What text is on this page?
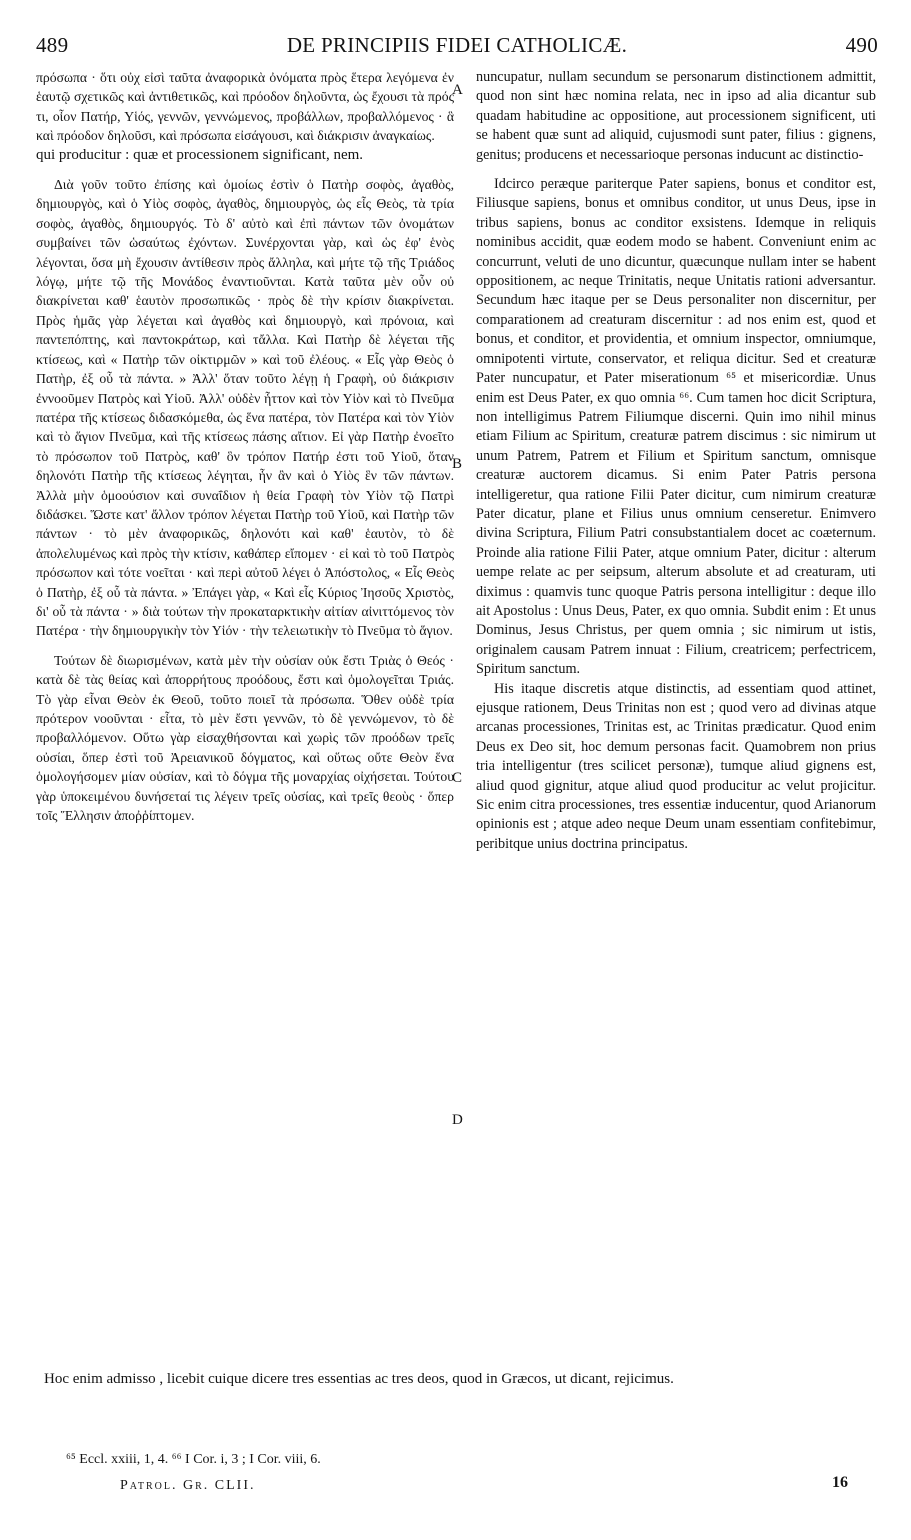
489	DE PRINCIPIIS FIDEI CATHOLICÆ.	490

πρόσωπα · ὅτι οὐχ εἰσὶ ταῦτα ἀναφορικὰ ὀνόματα πρὸς ἕτερα λεγόμενα ἐν ἑαυτῷ σχετικῶς καὶ ἀντιθετικῶς, καὶ πρόοδον δηλοῦντα, ὡς ἔχουσι τὰ πρός τι, οἷον Πατήρ, Υἱός, γεννῶν, γεννώμενος, προβάλλων, προβαλλόμενος · ἃ καὶ πρόοδον δηλοῦσι, καὶ πρόσωπα εἰσάγουσι, καὶ διάκρισιν ἀναγκαίως.

qui producitur : quæ et processionem significant, nem.

Διὰ γοῦν τοῦτο ἐπίσης καὶ ὁμοίως ἐστὶν ὁ Πατὴρ σοφὸς, ἀγαθὸς, δημιουργὸς, καὶ ὁ Υἱὸς σοφὸς, ἀγαθὸς, δημιουργὸς, ὡς εἷς Θεὸς, τὰ τρία σοφὸς, ἀγαθὸς, δημιουργός. Τὸ δ' αὐτὸ καὶ ἐπὶ πάντων τῶν ὀνομάτων συμβαίνει τῶν ὡσαύτως ἐχόντων. Συνέρχονται γὰρ, καὶ ὡς ἐφ' ἑνὸς λέγονται, ὅσα μὴ ἔχουσιν ἀντίθεσιν πρὸς ἄλληλα, καὶ μήτε τῷ τῆς Τριάδος λόγῳ, μήτε τῷ τῆς Μονάδος ἐναντιοῦνται. Κατὰ ταῦτα μὲν οὖν οὐ διακρίνεται καθ' ἑαυτὸν προσωπικῶς · πρὸς δὲ τὴν κρίσιν διακρίνεται. Πρὸς ἡμᾶς γὰρ λέγεται καὶ ἀγαθὸς καὶ δημιουργὸ, καὶ πρόνοια, καὶ παντεπόπτης, καὶ παντοκράτωρ, καὶ τἄλλα. Καὶ Πατὴρ δὲ λέγεται τῆς κτίσεως, καὶ « Πατὴρ τῶν οἰκτιρμῶν » καὶ τοῦ ἐλέους. « Εἷς γὰρ Θεὸς ὁ Πατὴρ, ἐξ οὗ τὰ πάντα. » Ἀλλ' ὅταν τοῦτο λέγῃ ἡ Γραφὴ, οὐ διάκρισιν ἐννοοῦμεν Πατρὸς καὶ Υἱοῦ. Ἀλλ' οὐδὲν ἧττον καὶ τὸν Υἱὸν καὶ τὸ Πνεῦμα πατέρα τῆς κτίσεως διδασκόμεθα, ὡς ἕνα πατέρα, τὸν Πατέρα καὶ τὸν Υἱὸν καὶ τὸ ἅγιον Πνεῦμα, καὶ τῆς κτίσεως πάσης αἴτιον. Εἰ γὰρ Πατὴρ ἐνοεῖτο τὸ πρόσωπον τοῦ Πατρὸς, καθ' ὃν τρόπον Πατήρ ἐστι τοῦ Υἱοῦ, ὅταν δηλονότι Πατὴρ τῆς κτίσεως λέγηται, ἦν ἂν καὶ ὁ Υἱὸς ἓν τῶν πάντων. Ἀλλὰ μὴν ὁμοούσιον καὶ συναΐδιον ἡ θεία Γραφὴ τὸν Υἱὸν τῷ Πατρὶ διδάσκει. Ὥστε κατ' ἄλλον τρόπον λέγεται Πατὴρ τοῦ Υἱοῦ, καὶ Πατὴρ τῶν πάντων · τὸ μὲν ἀναφορικῶς, δηλονότι καὶ καθ' ἑαυτὸν, τὸ δὲ ἀπολελυμένως καὶ πρὸς τὴν κτίσιν, καθάπερ εἴπομεν · εἰ καὶ τὸ τοῦ Πατρὸς πρόσωπον καὶ τότε νοεῖται · καὶ περὶ αὐτοῦ λέγει ὁ Ἀπόστολος, « Εἷς Θεὸς ὁ Πατὴρ, ἐξ οὗ τὰ πάντα. » Ἐπάγει γὰρ, « Καὶ εἷς Κύριος Ἰησοῦς Χριστὸς, δι' οὗ τὰ πάντα · » διὰ τούτων τὴν προκαταρκτικὴν αἰτίαν αἰνιττόμενος τὸν Πατέρα · τὴν δημιουργικὴν τὸν Υἱόν · τὴν τελειωτικὴν τὸ Πνεῦμα τὸ ἅγιον.

Τούτων δὲ διωρισμένων, κατὰ μὲν τὴν οὐσίαν οὐκ ἔστι Τριὰς ὁ Θεός · κατὰ δὲ τὰς θείας καὶ ἀπορρήτους προόδους, ἔστι καὶ ὁμολογεῖται Τριάς. Τὸ γὰρ εἶναι Θεὸν ἐκ Θεοῦ, τοῦτο ποιεῖ τὰ πρόσωπα. Ὅθεν οὐδὲ τρία πρότερον νοοῦνται · εἶτα, τὸ μὲν ἔστι γεννῶν, τὸ δὲ γεννώμενον, τὸ δὲ προβαλλόμενον. Οὕτω γὰρ εἰσαχθήσονται καὶ χωρὶς τῶν προόδων τρεῖς οὐσίαι, ὅπερ ἐστὶ τοῦ Ἀρειανικοῦ δόγματος, καὶ οὕτως οὔτε Θεὸν ἕνα ὁμολογήσομεν μίαν οὐσίαν, καὶ τὸ δόγμα τῆς μοναρχίας οἰχήσεται. Τούτου γὰρ ὑποκειμένου δυνήσεταί τις λέγειν τρεῖς οὐσίας, καὶ τρεῖς θεοὺς · ὅπερ τοῖς Ἕλλησιν ἀποῤῥίπτομεν.

nuncupatur, nullam secundum se personarum distinctionem admittit, quod non sint hæc nomina relata, nec in ipso ad alia dicantur sub quadam habitudine ac oppositione, aut processionem significent, uti se habent quæ sunt ad aliquid, cujusmodi sunt pater, filius : gignens, genitus; producens et necessarioque personas inducunt ac distinctio-

Idcirco peræque pariterque Pater sapiens, bonus et conditor est, Filiusque sapiens, bonus et omnibus conditor, ut unus Deus, ipse in tribus sapiens, bonus ac conditor exsistens. Idemque in reliquis nominibus accidit, quæ eodem modo se habent. Conveniunt enim ac concurrunt, veluti de uno dicuntur, quæcunque nullam inter se habent oppositionem, ac neque Trinitatis, neque Unitatis rationi adversantur. Secundum hæc itaque per se Deus personaliter non discernitur, per comparationem ad creaturam discernitur : ad nos enim est, quod et bonus, et conditor, et providentia, et omnium inspector, omniumque, omnipotenti virtute, conservator, et reliqua dicitur. Sed et creaturæ Pater nuncupatur, et Pater miserationum ⁶⁵ et misericordiæ. Unus enim est Deus Pater, ex quo omnia ⁶⁶. Cum tamen hoc dicit Scriptura, non intelligimus Patrem Filiumque discerni. Quin imo nihil minus etiam Filium ac Spiritum, creaturæ patrem discimus : sic nimirum ut unum Patrem, Patrem et Filium et Spiritum sanctum, omnisque creaturæ auctorem dicamus. Si enim Pater Patris persona intelligeretur, qua ratione Filii Pater dicitur, cum nimirum creaturæ Pater dicatur, plane et Filius unus omnium censeretur. Enimvero divina Scriptura, Filium Patri consubstantialem docet ac coæternum. Proinde alia ratione Filii Pater, atque omnium Pater, dicitur : alterum uempe relate ac per seipsum, alterum absolute et ad creaturam, uti diximus : quamvis tunc quoque Patris persona intelligitur : deque illo ait Apostolus : Unus Deus, Pater, ex quo omnia. Subdit enim : Et unus Dominus, Jesus Christus, per quem omnia ; sic nimirum ut istis, originalem causam Patrem innuat : Filium, creatricem; perfectricem, Spiritum sanctum.

His itaque discretis atque distinctis, ad essentiam quod attinet, ejusque rationem, Deus Trinitas non est ; quod vero ad divinas atque arcanas processiones, Trinitas est, ac Trinitas prædicatur. Quod enim Deus ex Deo sit, hoc demum personas facit. Quamobrem non prius tria intelligentur (tres scilicet personæ), tumque aliud gignens est, aliud quod gignitur, atque aliud quod producitur ac velut projicitur. Sic enim citra processiones, tres essentiæ inducentur, quod Arianorum opinionis est ; atque adeo neque Deum unam essentiam confitebimur, peribitque unius doctrina principatus.

A
B
C
D
Hoc enim admisso , licebit cuique dicere tres essentias ac tres deos, quod in Græcos, ut dicant, rejicimus.
⁶⁵ Eccl. xxiii, 1, 4. ⁶⁶ I Cor. i, 3 ; I Cor. viii, 6.
Patrol. Gr. CLII.	16
